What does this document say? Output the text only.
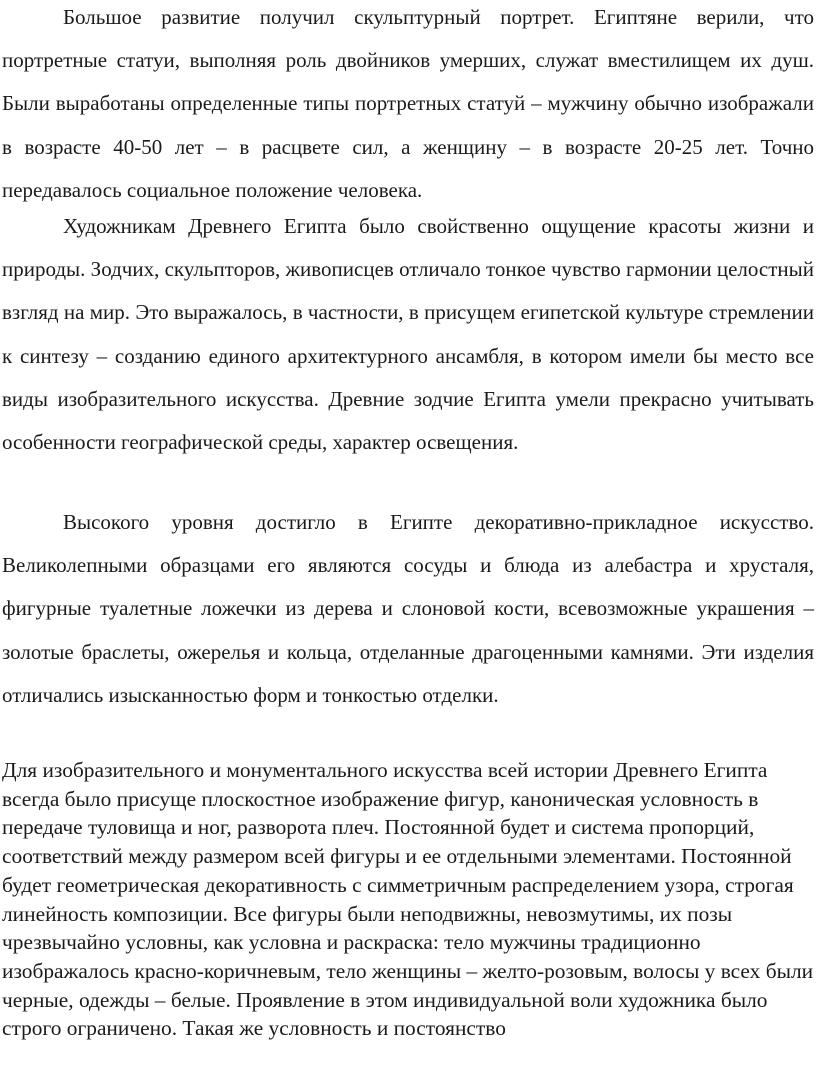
Большое развитие получил скульптурный портрет. Египтяне верили, что портретные статуи, выполняя роль двойников умерших, служат вместилищем их душ. Были выработаны определенные типы портретных статуй – мужчину обычно изображали в возрасте 40-50 лет – в расцвете сил, а женщину – в возрасте 20-25 лет. Точно передавалось социальное положение человека.

Художникам Древнего Египта было свойственно ощущение красоты жизни и природы. Зодчих, скульпторов, живописцев отличало тонкое чувство гармонии целостный взгляд на мир. Это выражалось, в частности, в присущем египетской культуре стремлении к синтезу – созданию единого архитектурного ансамбля, в котором имели бы место все виды изобразительного искусства. Древние зодчие Египта умели прекрасно учитывать особенности географической среды, характер освещения.

Высокого уровня достигло в Египте декоративно-прикладное искусство. Великолепными образцами его являются сосуды и блюда из алебастра и хрусталя, фигурные туалетные ложечки из дерева и слоновой кости, всевозможные украшения – золотые браслеты, ожерелья и кольца, отделанные драгоценными камнями. Эти изделия отличались изысканностью форм и тонкостью отделки.

Для изобразительного и монументального искусства всей истории Древнего Египта всегда было присуще плоскостное изображение фигур, каноническая условность в передаче туловища и ног, разворота плеч. Постоянной будет и система пропорций, соответствий между размером всей фигуры и ее отдельными элементами. Постоянной будет геометрическая декоративность с симметричным распределением узора, строгая линейность композиции. Все фигуры были неподвижны, невозмутимы, их позы чрезвычайно условны, как условна и раскраска: тело мужчины традиционно изображалось красно-коричневым, тело женщины – желто-розовым, волосы у всех были черные, одежды – белые. Проявление в этом индивидуальной воли художника было строго ограничено. Такая же условность и постоянство
